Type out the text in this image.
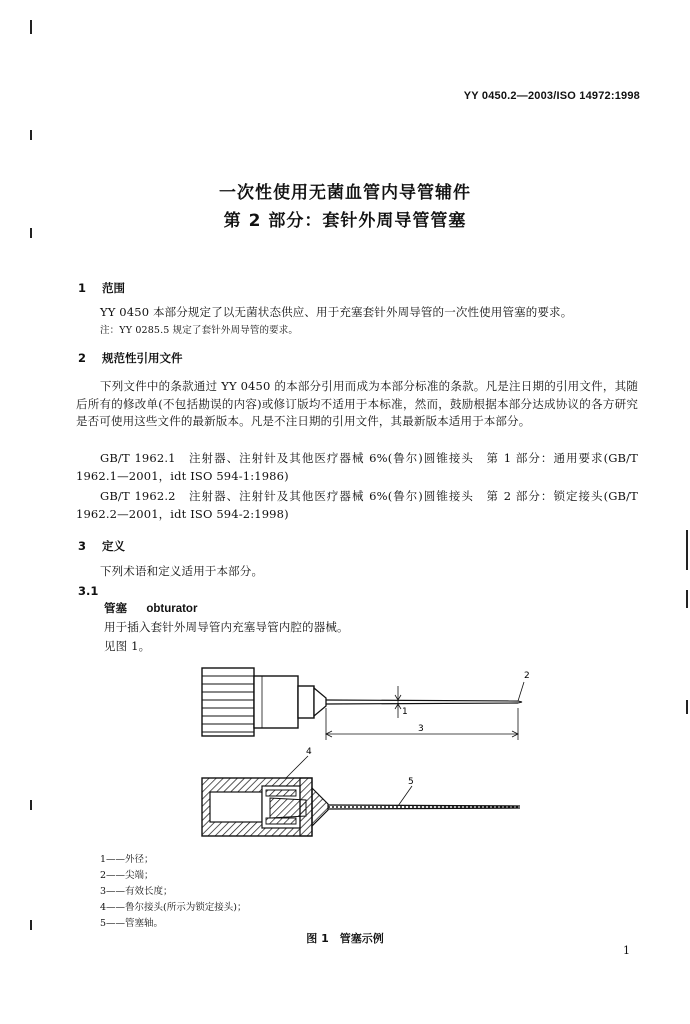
YY 0450.2—2003/ISO 14972:1998
一次性使用无菌血管内导管辅件
第 2 部分：套针外周导管管塞
1 范围
YY 0450 本部分规定了以无菌状态供应、用于充塞套针外周导管的一次性使用管塞的要求。
注：YY 0285.5 规定了套针外周导管的要求。
2 规范性引用文件
下列文件中的条款通过 YY 0450 的本部分引用而成为本部分标准的条款。凡是注日期的引用文件，其随后所有的修改单(不包括勘误的内容)或修订版均不适用于本标准，然而，鼓励根据本部分达成协议的各方研究是否可使用这些文件的最新版本。凡是不注日期的引用文件，其最新版本适用于本部分。
GB/T 1962.1　注射器、注射针及其他医疗器械 6%(鲁尔)圆锥接头　第 1 部分：通用要求(GB/T 1962.1—2001，idt ISO 594-1:1986)
GB/T 1962.2　注射器、注射针及其他医疗器械 6%(鲁尔)圆锥接头　第 2 部分：锁定接头(GB/T 1962.2—2001，idt ISO 594-2:1998)
3 定义
下列术语和定义适用于本部分。
3.1
管塞 obturator
用于插入套针外周导管内充塞导管内腔的器械。
见图 1。
2
1
3
4
5
1——外径；
2——尖端；
3——有效长度；
4——鲁尔接头(所示为锁定接头)；
5——管塞轴。
图 1　管塞示例
1
